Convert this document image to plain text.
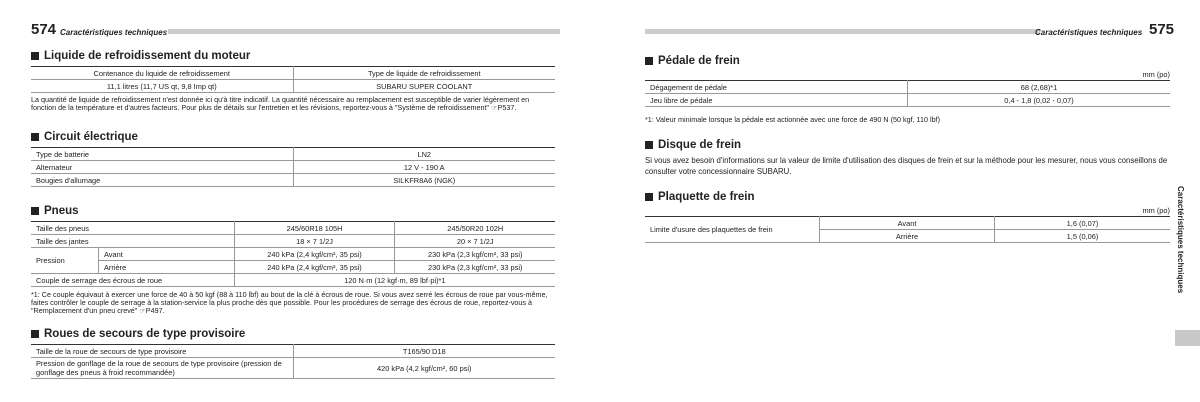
574 Caractéristiques techniques
Liquide de refroidissement du moteur
Contenance du liquide de refroidissement	Type de liquide de refroidissement
11,1 litres (11,7 US qt, 9,8 Imp qt)	SUBARU SUPER COOLANT
La quantité de liquide de refroidissement n'est donnée ici qu'à titre indicatif. La quantité nécessaire au remplacement est susceptible de varier légèrement en fonction de la température et d'autres facteurs. Pour plus de détails sur l'entretien et les révisions, reportez-vous à "Système de refroidissement" ☞P537.
Circuit électrique
Type de batterie	LN2
Alternateur	12 V - 190 A
Bougies d'allumage	SILKFR8A6 (NGK)
Pneus
Taille des pneus		245/60R18 105H	245/50R20 102H
Taille des jantes		18 × 7 1/2J	20 × 7 1/2J
Pression	Avant	240 kPa (2,4 kgf/cm², 35 psi)	230 kPa (2,3 kgf/cm², 33 psi)
	Arrière	240 kPa (2,4 kgf/cm², 35 psi)	230 kPa (2,3 kgf/cm², 33 psi)
Couple de serrage des écrous de roue		120 N·m (12 kgf·m, 89 lbf·pi)*1	
*1: Ce couple équivaut à exercer une force de 40 à 50 kgf (88 à 110 lbf) au bout de la clé à écrous de roue. Si vous avez serré les écrous de roue par vous-même, faites contrôler le couple de serrage à la station-service la plus proche dès que possible. Pour les procédures de serrage des écrous de roue, reportez-vous à "Remplacement d'un pneu crevé" ☞P497.
Roues de secours de type provisoire
Taille de la roue de secours de type provisoire	T165/90 D18
Pression de gonflage de la roue de secours de type provisoire (pression de gonflage des pneus à froid recommandée)	420 kPa (4,2 kgf/cm², 60 psi)
Caractéristiques techniques 575
Pédale de frein
mm (po)
Dégagement de pédale	68 (2,68)*1
Jeu libre de pédale	0,4 - 1,8 (0,02 - 0,07)
*1: Valeur minimale lorsque la pédale est actionnée avec une force de 490 N (50 kgf, 110 lbf)
Disque de frein
Si vous avez besoin d'informations sur la valeur de limite d'utilisation des disques de frein et sur la méthode pour les mesurer, nous vous conseillons de consulter votre concessionnaire SUBARU.
Plaquette de frein
mm (po)
Limite d'usure des plaquettes de frein	Avant	1,6 (0,07)
	Arrière	1,5 (0,06)	Caractéristiques techniques
